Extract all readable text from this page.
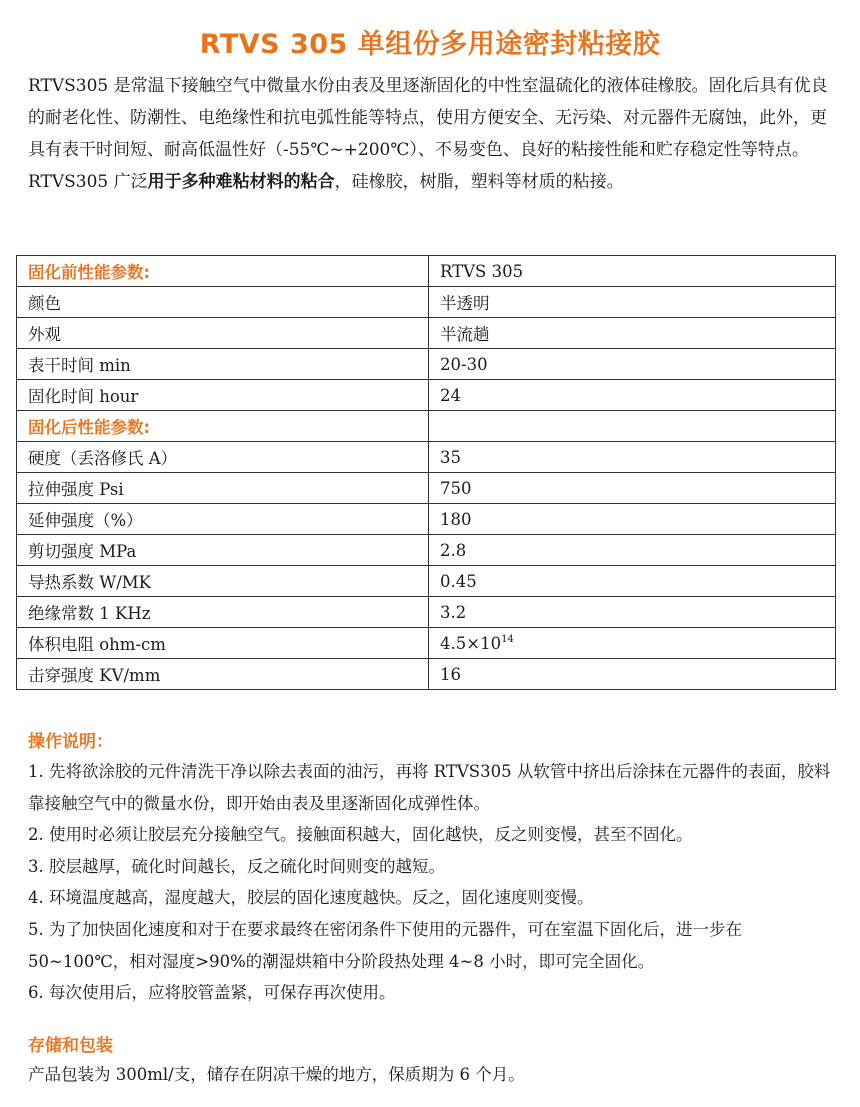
RTVS 305 单组份多用途密封粘接胶

RTVS305 是常温下接触空气中微量水份由表及里逐渐固化的中性室温硫化的液体硅橡胶。固化后具有优良的耐老化性、防潮性、电绝缘性和抗电弧性能等特点，使用方便安全、无污染、对元器件无腐蚀，此外，更具有表干时间短、耐高低温性好（-55℃~+200℃）、不易变色、良好的粘接性能和贮存稳定性等特点。

RTVS305 广泛用于多种难粘材料的粘合，硅橡胶，树脂，塑料等材质的粘接。

固化前性能参数:	RTVS 305
颜色	半透明
外观	半流趟
表干时间 min	20-30
固化时间 hour	24
固化后性能参数:	
硬度（丢洛修氏 A）	35
拉伸强度 Psi	750
延伸强度（%）	180
剪切强度 MPa	2.8
导热系数 W/MK	0.45
绝缘常数 1 KHz	3.2
体积电阻 ohm-cm	$4.5\times 10^{14}$
击穿强度 KV/mm	16
操作说明：

1. 先将欲涂胶的元件清洗干净以除去表面的油污，再将 RTVS305 从软管中挤出后涂抹在元器件的表面，胶料靠接触空气中的微量水份，即开始由表及里逐渐固化成弹性体。

2. 使用时必须让胶层充分接触空气。接触面积越大，固化越快，反之则变慢，甚至不固化。

3. 胶层越厚，硫化时间越长，反之硫化时间则变的越短。

4. 环境温度越高，湿度越大，胶层的固化速度越快。反之，固化速度则变慢。

5. 为了加快固化速度和对于在要求最终在密闭条件下使用的元器件，可在室温下固化后，进一步在 50~100℃，相对湿度>90%的潮湿烘箱中分阶段热处理 4~8 小时，即可完全固化。

6. 每次使用后，应将胶管盖紧，可保存再次使用。

存储和包装
产品包装为 300ml/支，储存在阴凉干燥的地方，保质期为 6 个月。
